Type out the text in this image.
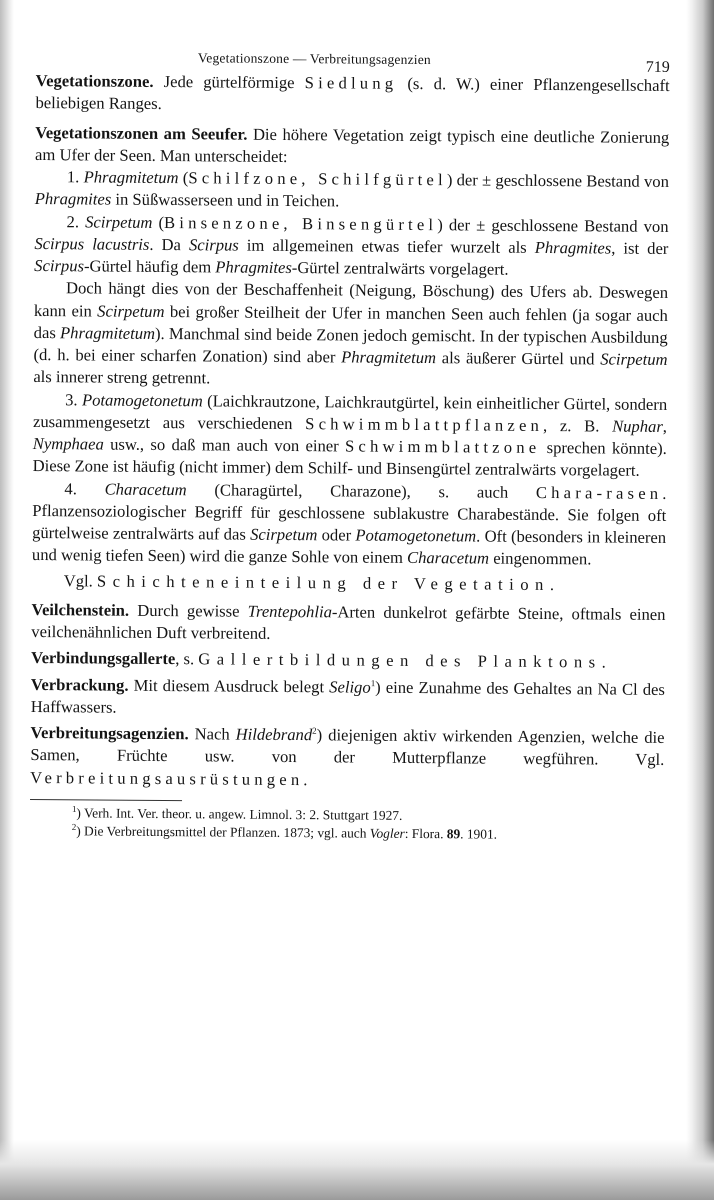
Vegetationszone — Verbreitungsagenzien
719

Vegetationszone. Jede gürtelförmige Siedlung (s. d. W.) einer Pflanzengesellschaft beliebigen Ranges.

Vegetationszonen am Seeufer. Die höhere Vegetation zeigt typisch eine deutliche Zonierung am Ufer der Seen. Man unterscheidet:

1. Phragmitetum (Schilfzone, Schilfgürtel) der ± geschlossene Bestand von Phragmites in Süßwasserseen und in Teichen.

2. Scirpetum (Binsenzone, Binsengürtel) der ± geschlossene Bestand von Scirpus lacustris. Da Scirpus im allgemeinen etwas tiefer wurzelt als Phragmites, ist der Scirpus-Gürtel häufig dem Phragmites-Gürtel zentralwärts vorgelagert.

Doch hängt dies von der Beschaffenheit (Neigung, Böschung) des Ufers ab. Deswegen kann ein Scirpetum bei großer Steilheit der Ufer in manchen Seen auch fehlen (ja sogar auch das Phragmitetum). Manchmal sind beide Zonen jedoch gemischt. In der typischen Ausbildung (d. h. bei einer scharfen Zonation) sind aber Phragmitetum als äußerer Gürtel und Scirpetum als innerer streng getrennt.

3. Potamogetonetum (Laichkrautzone, Laichkrautgürtel, kein einheitlicher Gürtel, sondern zusammengesetzt aus verschiedenen Schwimmblattpflanzen, z. B. Nuphar, Nymphaea usw., so daß man auch von einer Schwimmblattzone sprechen könnte). Diese Zone ist häufig (nicht immer) dem Schilf- und Binsengürtel zentralwärts vorgelagert.

4. Characetum (Charagürtel, Charazone), s. auch Chara-rasen. Pflanzensoziologischer Begriff für geschlossene sublakustre Charabestände. Sie folgen oft gürtelweise zentralwärts auf das Scirpetum oder Potamogetonetum. Oft (besonders in kleineren und wenig tiefen Seen) wird die ganze Sohle von einem Characetum eingenommen.

Vgl. Schichteneinteilung der Vegetation.

Veilchenstein. Durch gewisse Trentepohlia-Arten dunkelrot gefärbte Steine, oftmals einen veilchenähnlichen Duft verbreitend.

Verbindungsgallerte, s. Gallertbildungen des Planktons.

Verbrackung. Mit diesem Ausdruck belegt Seligo$^1$) eine Zunahme des Gehaltes an Na Cl des Haffwassers.

Verbreitungsagenzien. Nach Hildebrand$^2$) diejenigen aktiv wirkenden Agenzien, welche die Samen, Früchte usw. von der Mutterpflanze wegführen. Vgl. Verbreitungsausrüstungen.

$^1$) Verh. Int. Ver. theor. u. angew. Limnol. 3: 2. Stuttgart 1927.

$^2$) Die Verbreitungsmittel der Pflanzen. 1873; vgl. auch Vogler: Flora. 89. 1901.
